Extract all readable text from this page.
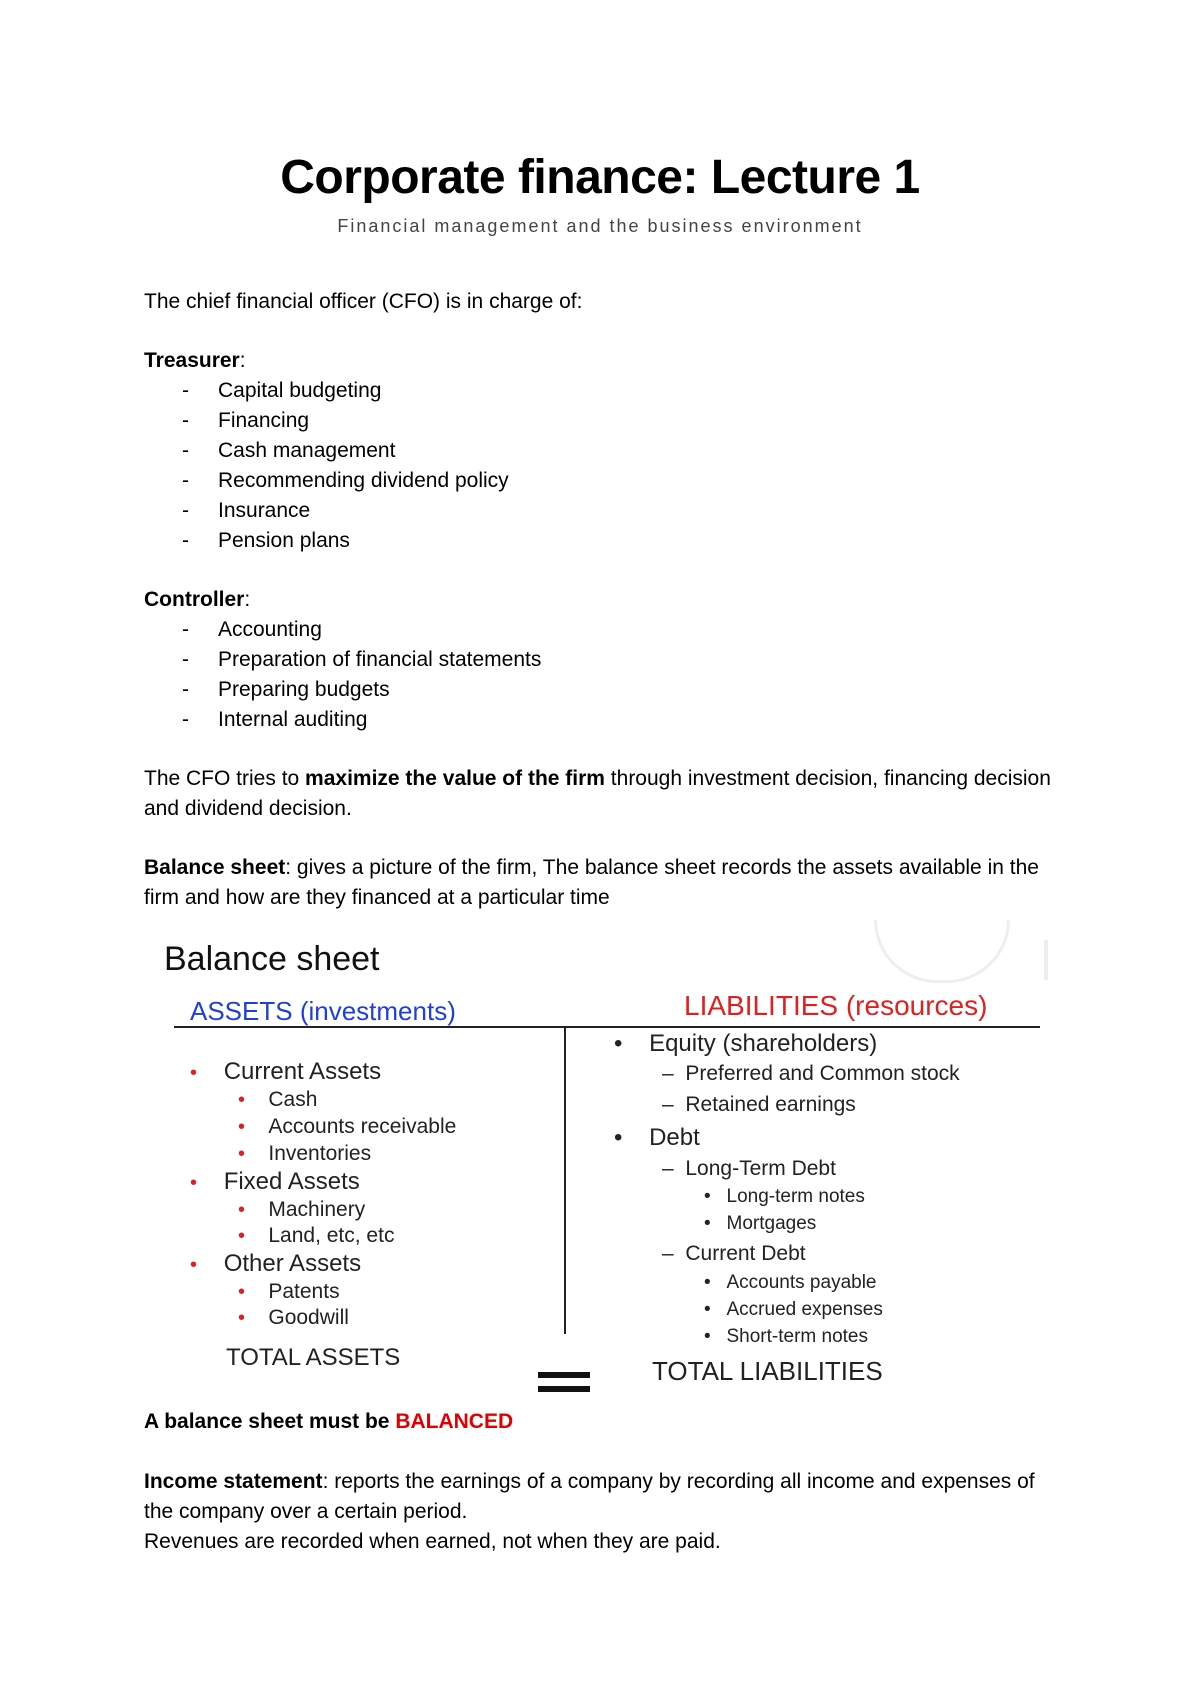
Corporate finance: Lecture 1
Financial management and the business environment
The chief financial officer (CFO) is in charge of:
Treasurer:
- Capital budgeting
- Financing
- Cash management
- Recommending dividend policy
- Insurance
- Pension plans
Controller:
- Accounting
- Preparation of financial statements
- Preparing budgets
- Internal auditing
The CFO tries to maximize the value of the firm through investment decision, financing decision and dividend decision.
Balance sheet: gives a picture of the firm, The balance sheet records the assets available in the firm and how are they financed at a particular time
Balance sheet
ASSETS (investments)	LIABILITIES (resources)
• Current Assets
• Cash
• Accounts receivable
• Inventories
• Fixed Assets
• Machinery
• Land, etc, etc
• Other Assets
• Patents
• Goodwill
TOTAL ASSETS
• Equity (shareholders)
– Preferred and Common stock
– Retained earnings
• Debt
– Long-Term Debt
• Long-term notes
• Mortgages
– Current Debt
• Accounts payable
• Accrued expenses
• Short-term notes
TOTAL LIABILITIES
A balance sheet must be BALANCED
Income statement: reports the earnings of a company by recording all income and expenses of the company over a certain period.
Revenues are recorded when earned, not when they are paid.
